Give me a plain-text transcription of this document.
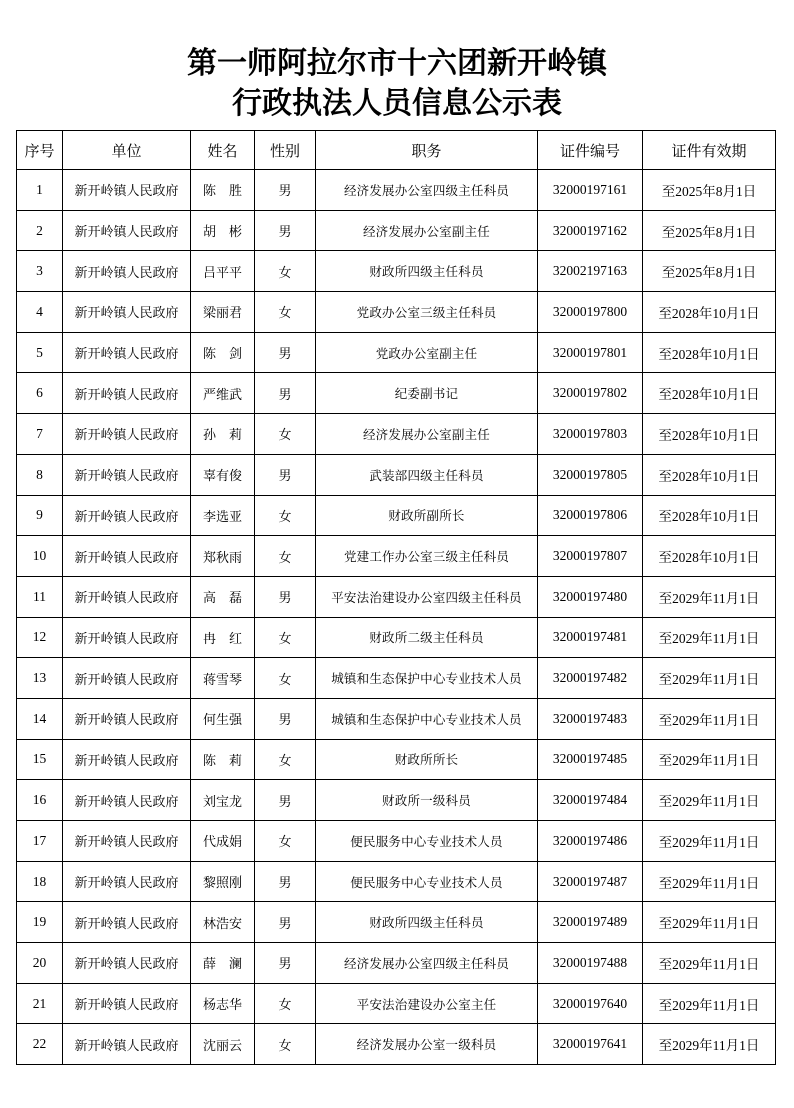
第一师阿拉尔市十六团新开岭镇
行政执法人员信息公示表
序号	单位	姓名	性别	职务	证件编号	证件有效期
1	新开岭镇人民政府	陈　胜	男	经济发展办公室四级主任科员	32000197161	至2025年8月1日
2	新开岭镇人民政府	胡　彬	男	经济发展办公室副主任	32000197162	至2025年8月1日
3	新开岭镇人民政府	吕平平	女	财政所四级主任科员	32002197163	至2025年8月1日
4	新开岭镇人民政府	梁丽君	女	党政办公室三级主任科员	32000197800	至2028年10月1日
5	新开岭镇人民政府	陈　剑	男	党政办公室副主任	32000197801	至2028年10月1日
6	新开岭镇人民政府	严维武	男	纪委副书记	32000197802	至2028年10月1日
7	新开岭镇人民政府	孙　莉	女	经济发展办公室副主任	32000197803	至2028年10月1日
8	新开岭镇人民政府	辜有俊	男	武装部四级主任科员	32000197805	至2028年10月1日
9	新开岭镇人民政府	李选亚	女	财政所副所长	32000197806	至2028年10月1日
10	新开岭镇人民政府	郑秋雨	女	党建工作办公室三级主任科员	32000197807	至2028年10月1日
11	新开岭镇人民政府	高　磊	男	平安法治建设办公室四级主任科员	32000197480	至2029年11月1日
12	新开岭镇人民政府	冉　红	女	财政所二级主任科员	32000197481	至2029年11月1日
13	新开岭镇人民政府	蒋雪琴	女	城镇和生态保护中心专业技术人员	32000197482	至2029年11月1日
14	新开岭镇人民政府	何生强	男	城镇和生态保护中心专业技术人员	32000197483	至2029年11月1日
15	新开岭镇人民政府	陈　莉	女	财政所所长	32000197485	至2029年11月1日
16	新开岭镇人民政府	刘宝龙	男	财政所一级科员	32000197484	至2029年11月1日
17	新开岭镇人民政府	代成娟	女	便民服务中心专业技术人员	32000197486	至2029年11月1日
18	新开岭镇人民政府	黎照刚	男	便民服务中心专业技术人员	32000197487	至2029年11月1日
19	新开岭镇人民政府	林浩安	男	财政所四级主任科员	32000197489	至2029年11月1日
20	新开岭镇人民政府	薛　澜	男	经济发展办公室四级主任科员	32000197488	至2029年11月1日
21	新开岭镇人民政府	杨志华	女	平安法治建设办公室主任	32000197640	至2029年11月1日
22	新开岭镇人民政府	沈丽云	女	经济发展办公室一级科员	32000197641	至2029年11月1日
